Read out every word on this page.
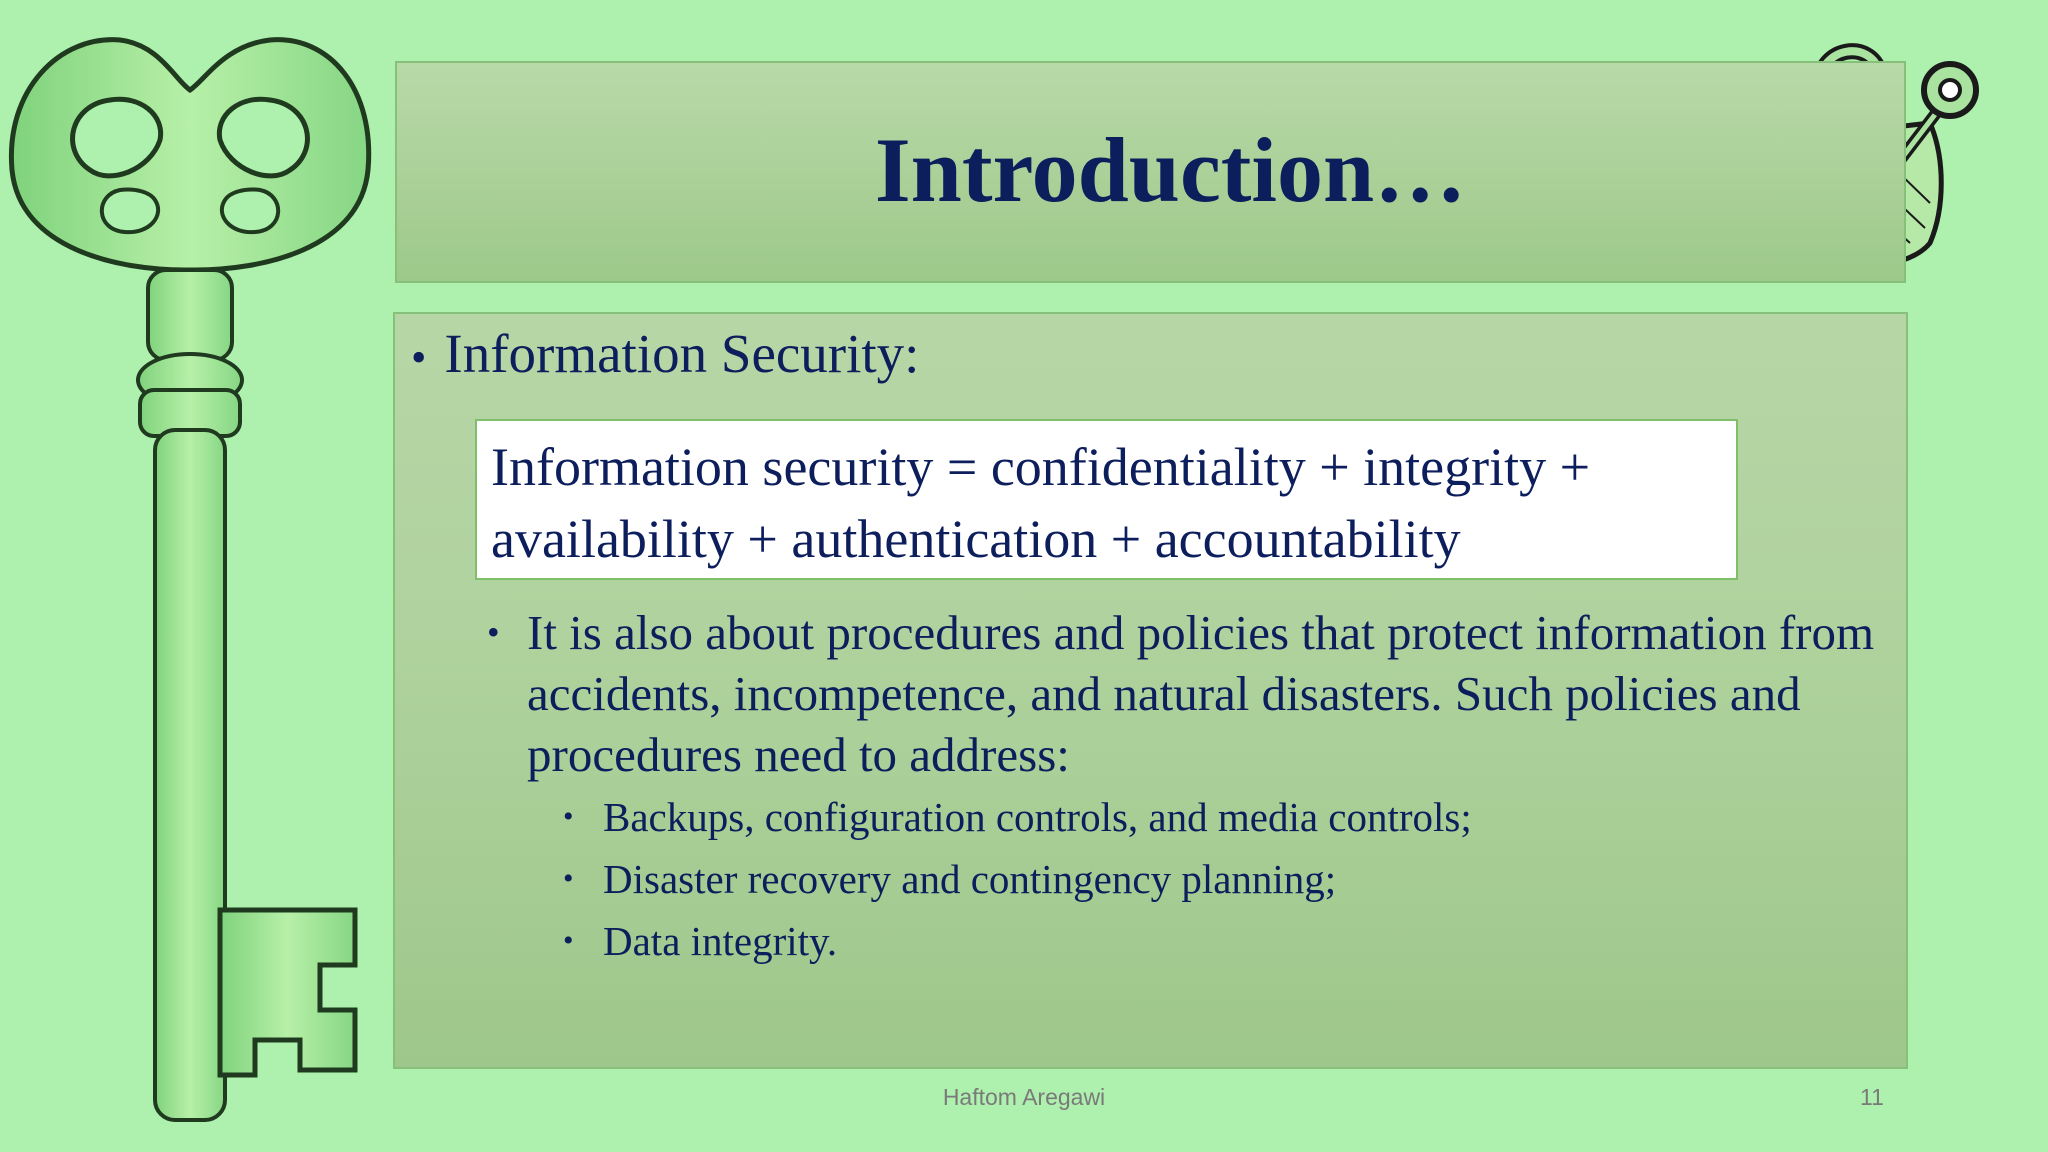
Introduction…
• Information Security:
Information security = confidentiality + integrity +
availability + authentication + accountability
• It is also about procedures and policies that protect information from accidents, incompetence, and natural disasters. Such policies and procedures need to address:
• Backups, configuration controls, and media controls;
• Disaster recovery and contingency planning;
• Data integrity.
Haftom Aregawi	11
